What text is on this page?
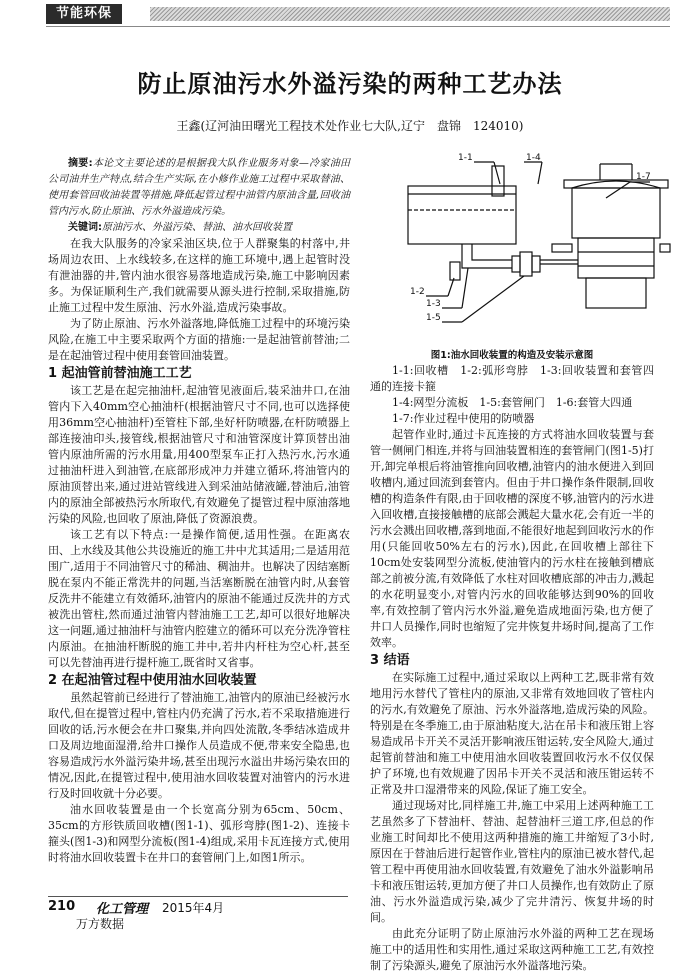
节能环保
防止原油污水外溢污染的两种工艺办法
王鑫(辽河油田曙光工程技术处作业七大队,辽宁　盘锦　124010)
摘要:本论文主要论述的是根据我大队作业服务对象—冷家油田公司油井生产特点,结合生产实际,在小修作业施工过程中采取替油、使用套管回收油装置等措施,降低起管过程中油管内原油含量,回收油管内污水,防止原油、污水外溢造成污染。
关键词:原油污水、外溢污染、替油、油水回收装置

在我大队服务的冷家采油区块,位于人群聚集的村落中,井场周边农田、上水线较多,在这样的施工环境中,遇上起管时没有泄油器的井,管内油水很容易落地造成污染,施工中影响因素多。为保证顺利生产,我们就需要从源头进行控制,采取措施,防止施工过程中发生原油、污水外溢,造成污染事故。

为了防止原油、污水外溢落地,降低施工过程中的环境污染风险,在施工中主要采取两个方面的措施:一是起油管前替油;二是在起油管过程中使用套管回油装置。

1 起油管前替油施工工艺

该工艺是在起完抽油杆,起油管见液面后,装采油井口,在油管内下入40mm空心抽油杆(根据油管尺寸不同,也可以选择使用36mm空心抽油杆)至管柱下部,坐好杆防喷器,在杆防喷器上部连接油印头,接管线,根据油管尺寸和油管深度计算顶替出油管内原油所需的污水用量,用400型泵车正打入热污水,污水通过抽油杆进入到油管,在底部形成冲力并建立循环,将油管内的原油顶替出来,通过进站管线进入到采油站储液罐,替油后,油管内的原油全部被热污水所取代,有效避免了提管过程中原油落地污染的风险,也回收了原油,降低了资源浪费。

该工艺有以下特点:一是操作简便,适用性强。在距离农田、上水线及其他公共设施近的施工井中尤其适用;二是适用范围广,适用于不同油管尺寸的稀油、稠油井。也解决了因结塞断脱在泵内不能正常洗井的问题,当活塞断脱在油管内时,从套管反洗井不能建立有效循环,油管内的原油不能通过反洗井的方式被洗出管柱,然而通过油管内替油施工工艺,却可以很好地解决这一问题,通过抽油杆与油管内腔建立的循环可以充分洗净管柱内原油。在抽油杆断脱的施工井中,若井内杆柱为空心杆,甚至可以先替油再进行提杆施工,既省时又省事。

2 在起油管过程中使用油水回收装置

虽然起管前已经进行了替油施工,油管内的原油已经被污水取代,但在提管过程中,管柱内仍充满了污水,若不采取措施进行回收的话,污水便会在井口聚集,并向四处流散,冬季结冰造成井口及周边地面湿滑,给井口操作人员造成不便,带来安全隐患,也容易造成污水外溢污染井场,甚至出现污水溢出井场污染农田的情况,因此,在提管过程中,使用油水回收装置对油管内的污水进行及时回收就十分必要。

油水回收装置是由一个长宽高分别为65cm、50cm、35cm的方形铁质回收槽(图1-1)、弧形弯脖(图1-2)、连接卡箍头(图1-3)和网型分流板(图1-4)组成,采用卡瓦连接方式,使用时将油水回收装置卡在井口的套管闸门上,如图1所示。

1-1	1-4
1-7
1-2
1-3
1-5
图1:油水回收装置的构造及安装示意图

1-1:回收槽　1-2:弧形弯脖　1-3:回收装置和套管四通的连接卡箍

1-4:网型分流板　1-5:套管闸门　1-6:套管大四通

1-7:作业过程中使用的防喷器

起管作业时,通过卡瓦连接的方式将油水回收装置与套管一侧闸门相连,并将与回油装置相连的套管闸门(图1-5)打开,卸完单根后将油管推向回收槽,油管内的油水便进入到回收槽内,通过回流到套管内。但由于井口操作条件限制,回收槽的构造条件有限,由于回收槽的深度不够,油管内的污水进入回收槽,直接接触槽的底部会溅起大量水花,会有近一半的污水会溅出回收槽,落到地面,不能很好地起到回收污水的作用(只能回收50%左右的污水),因此,在回收槽上部往下10cm处安装网型分流板,使油管内的污水柱在接触到槽底部之前被分流,有效降低了水柱对回收槽底部的冲击力,溅起的水花明显变小,对管内污水的回收能够达到90%的回收率,有效控制了管内污水外溢,避免造成地面污染,也方便了井口人员操作,同时也缩短了完井恢复井场时间,提高了工作效率。

3 结语

在实际施工过程中,通过采取以上两种工艺,既非常有效地用污水替代了管柱内的原油,又非常有效地回收了管柱内的污水,有效避免了原油、污水外溢落地,造成污染的风险。特别是在冬季施工,由于原油粘度大,沾在吊卡和液压钳上容易造成吊卡开关不灵活开影响液压钳运转,安全风险大,通过起管前替油和施工中使用油水回收装置回收污水不仅仅保护了环境,也有效规避了因吊卡开关不灵活和液压钳运转不正常及井口湿滑带来的风险,保证了施工安全。

通过现场对比,同样施工井,施工中采用上述两种施工工艺虽然多了下替油杆、替油、起替油杆三道工序,但总的作业施工时间却比不使用这两种措施的施工井缩短了3小时,原因在于替油后进行起管作业,管柱内的原油已被水替代,起管工程中再使用油水回收装置,有效避免了油水外溢影响吊卡和液压钳运转,更加方便了井口人员操作,也有效防止了原油、污水外溢造成污染,减少了完井清污、恢复井场的时间。

由此充分证明了防止原油污水外溢的两种工艺在现场施工中的适用性和实用性,通过采取这两种施工工艺,有效控制了污染源头,避免了原油污水外溢落地污染。

210 化工管理 2015年4月
万方数据
